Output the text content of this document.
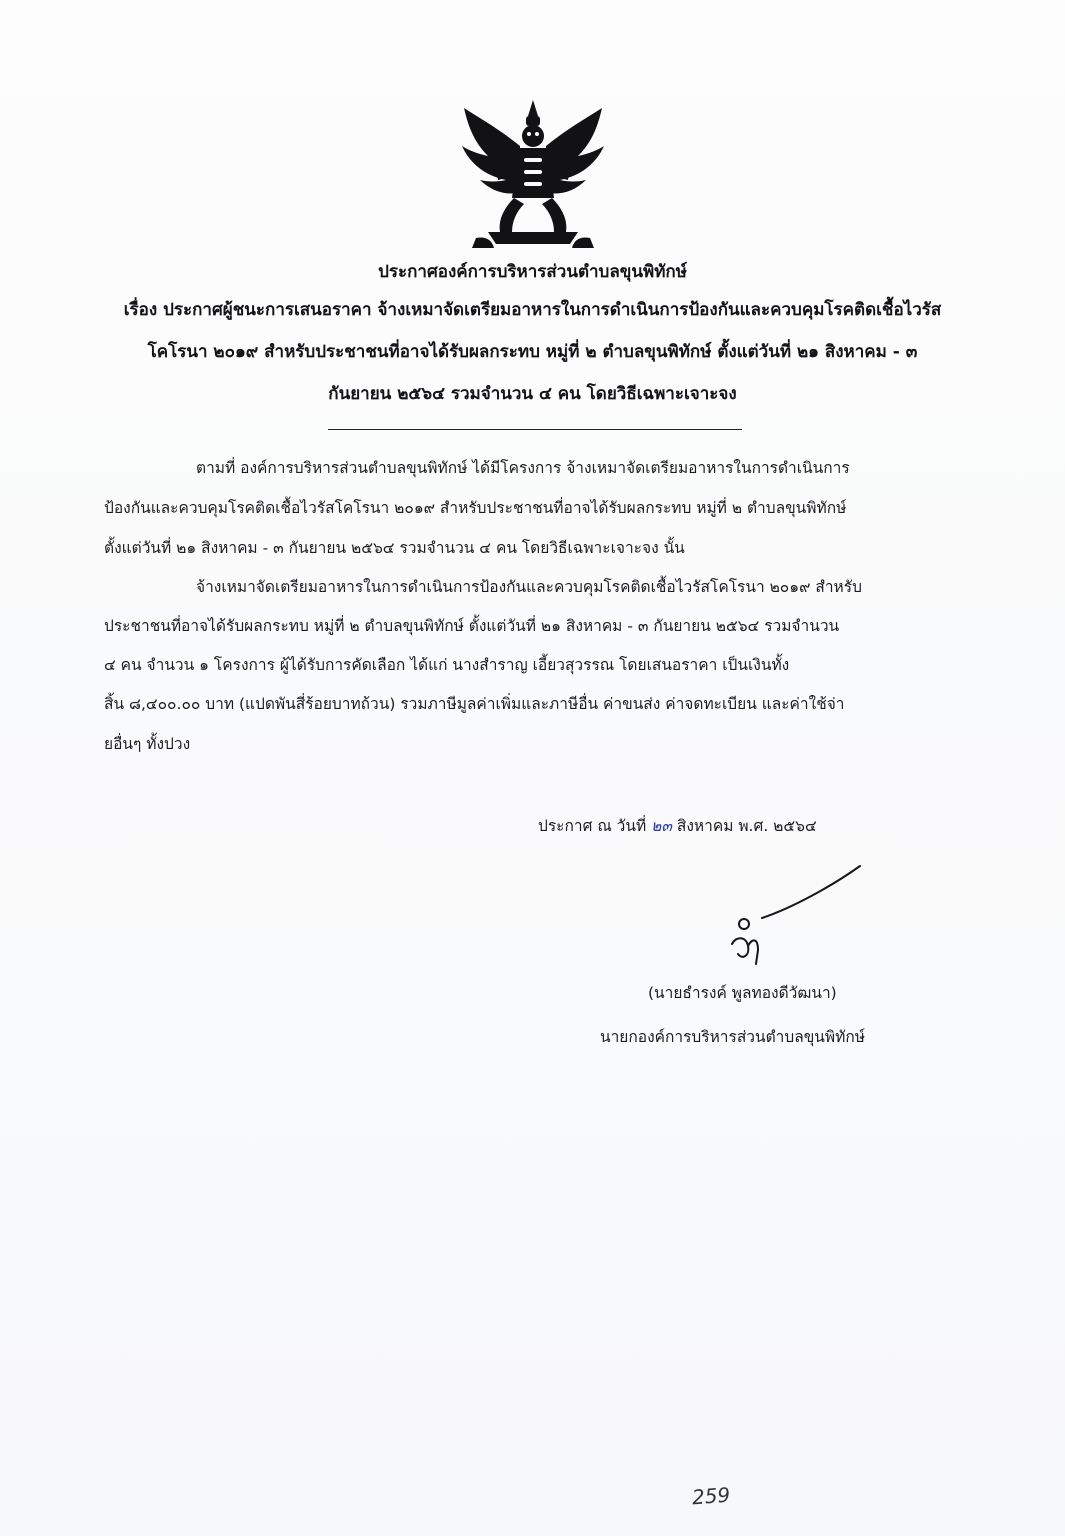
ประกาศองค์การบริหารส่วนตำบลขุนพิทักษ์
เรื่อง ประกาศผู้ชนะการเสนอราคา จ้างเหมาจัดเตรียมอาหารในการดำเนินการป้องกันและควบคุมโรคติดเชื้อไวรัส
โคโรนา ๒๐๑๙ สำหรับประชาชนที่อาจได้รับผลกระทบ หมู่ที่ ๒ ตำบลขุนพิทักษ์ ตั้งแต่วันที่ ๒๑ สิงหาคม - ๓
กันยายน ๒๕๖๔ รวมจำนวน ๔ คน โดยวิธีเฉพาะเจาะจง
ตามที่ องค์การบริหารส่วนตำบลขุนพิทักษ์ ได้มีโครงการ จ้างเหมาจัดเตรียมอาหารในการดำเนินการ
ป้องกันและควบคุมโรคติดเชื้อไวรัสโคโรนา ๒๐๑๙ สำหรับประชาชนที่อาจได้รับผลกระทบ หมู่ที่ ๒ ตำบลขุนพิทักษ์
ตั้งแต่วันที่ ๒๑ สิงหาคม - ๓ กันยายน ๒๕๖๔ รวมจำนวน ๔ คน โดยวิธีเฉพาะเจาะจง นั้น
จ้างเหมาจัดเตรียมอาหารในการดำเนินการป้องกันและควบคุมโรคติดเชื้อไวรัสโคโรนา ๒๐๑๙ สำหรับ
ประชาชนที่อาจได้รับผลกระทบ หมู่ที่ ๒ ตำบลขุนพิทักษ์ ตั้งแต่วันที่ ๒๑ สิงหาคม - ๓ กันยายน ๒๕๖๔ รวมจำนวน
๔ คน จำนวน ๑ โครงการ ผู้ได้รับการคัดเลือก ได้แก่ นางสำราญ เอี้ยวสุวรรณ โดยเสนอราคา เป็นเงินทั้ง
สิ้น ๘,๔๐๐.๐๐ บาท (แปดพันสี่ร้อยบาทถ้วน) รวมภาษีมูลค่าเพิ่มและภาษีอื่น ค่าขนส่ง ค่าจดทะเบียน และค่าใช้จ่า
ยอื่นๆ ทั้งปวง
ประกาศ ณ วันที่ ๒๓ สิงหาคม พ.ศ. ๒๕๖๔
(นายธำรงค์ พูลทองดีวัฒนา)
นายกองค์การบริหารส่วนตำบลขุนพิทักษ์
259
